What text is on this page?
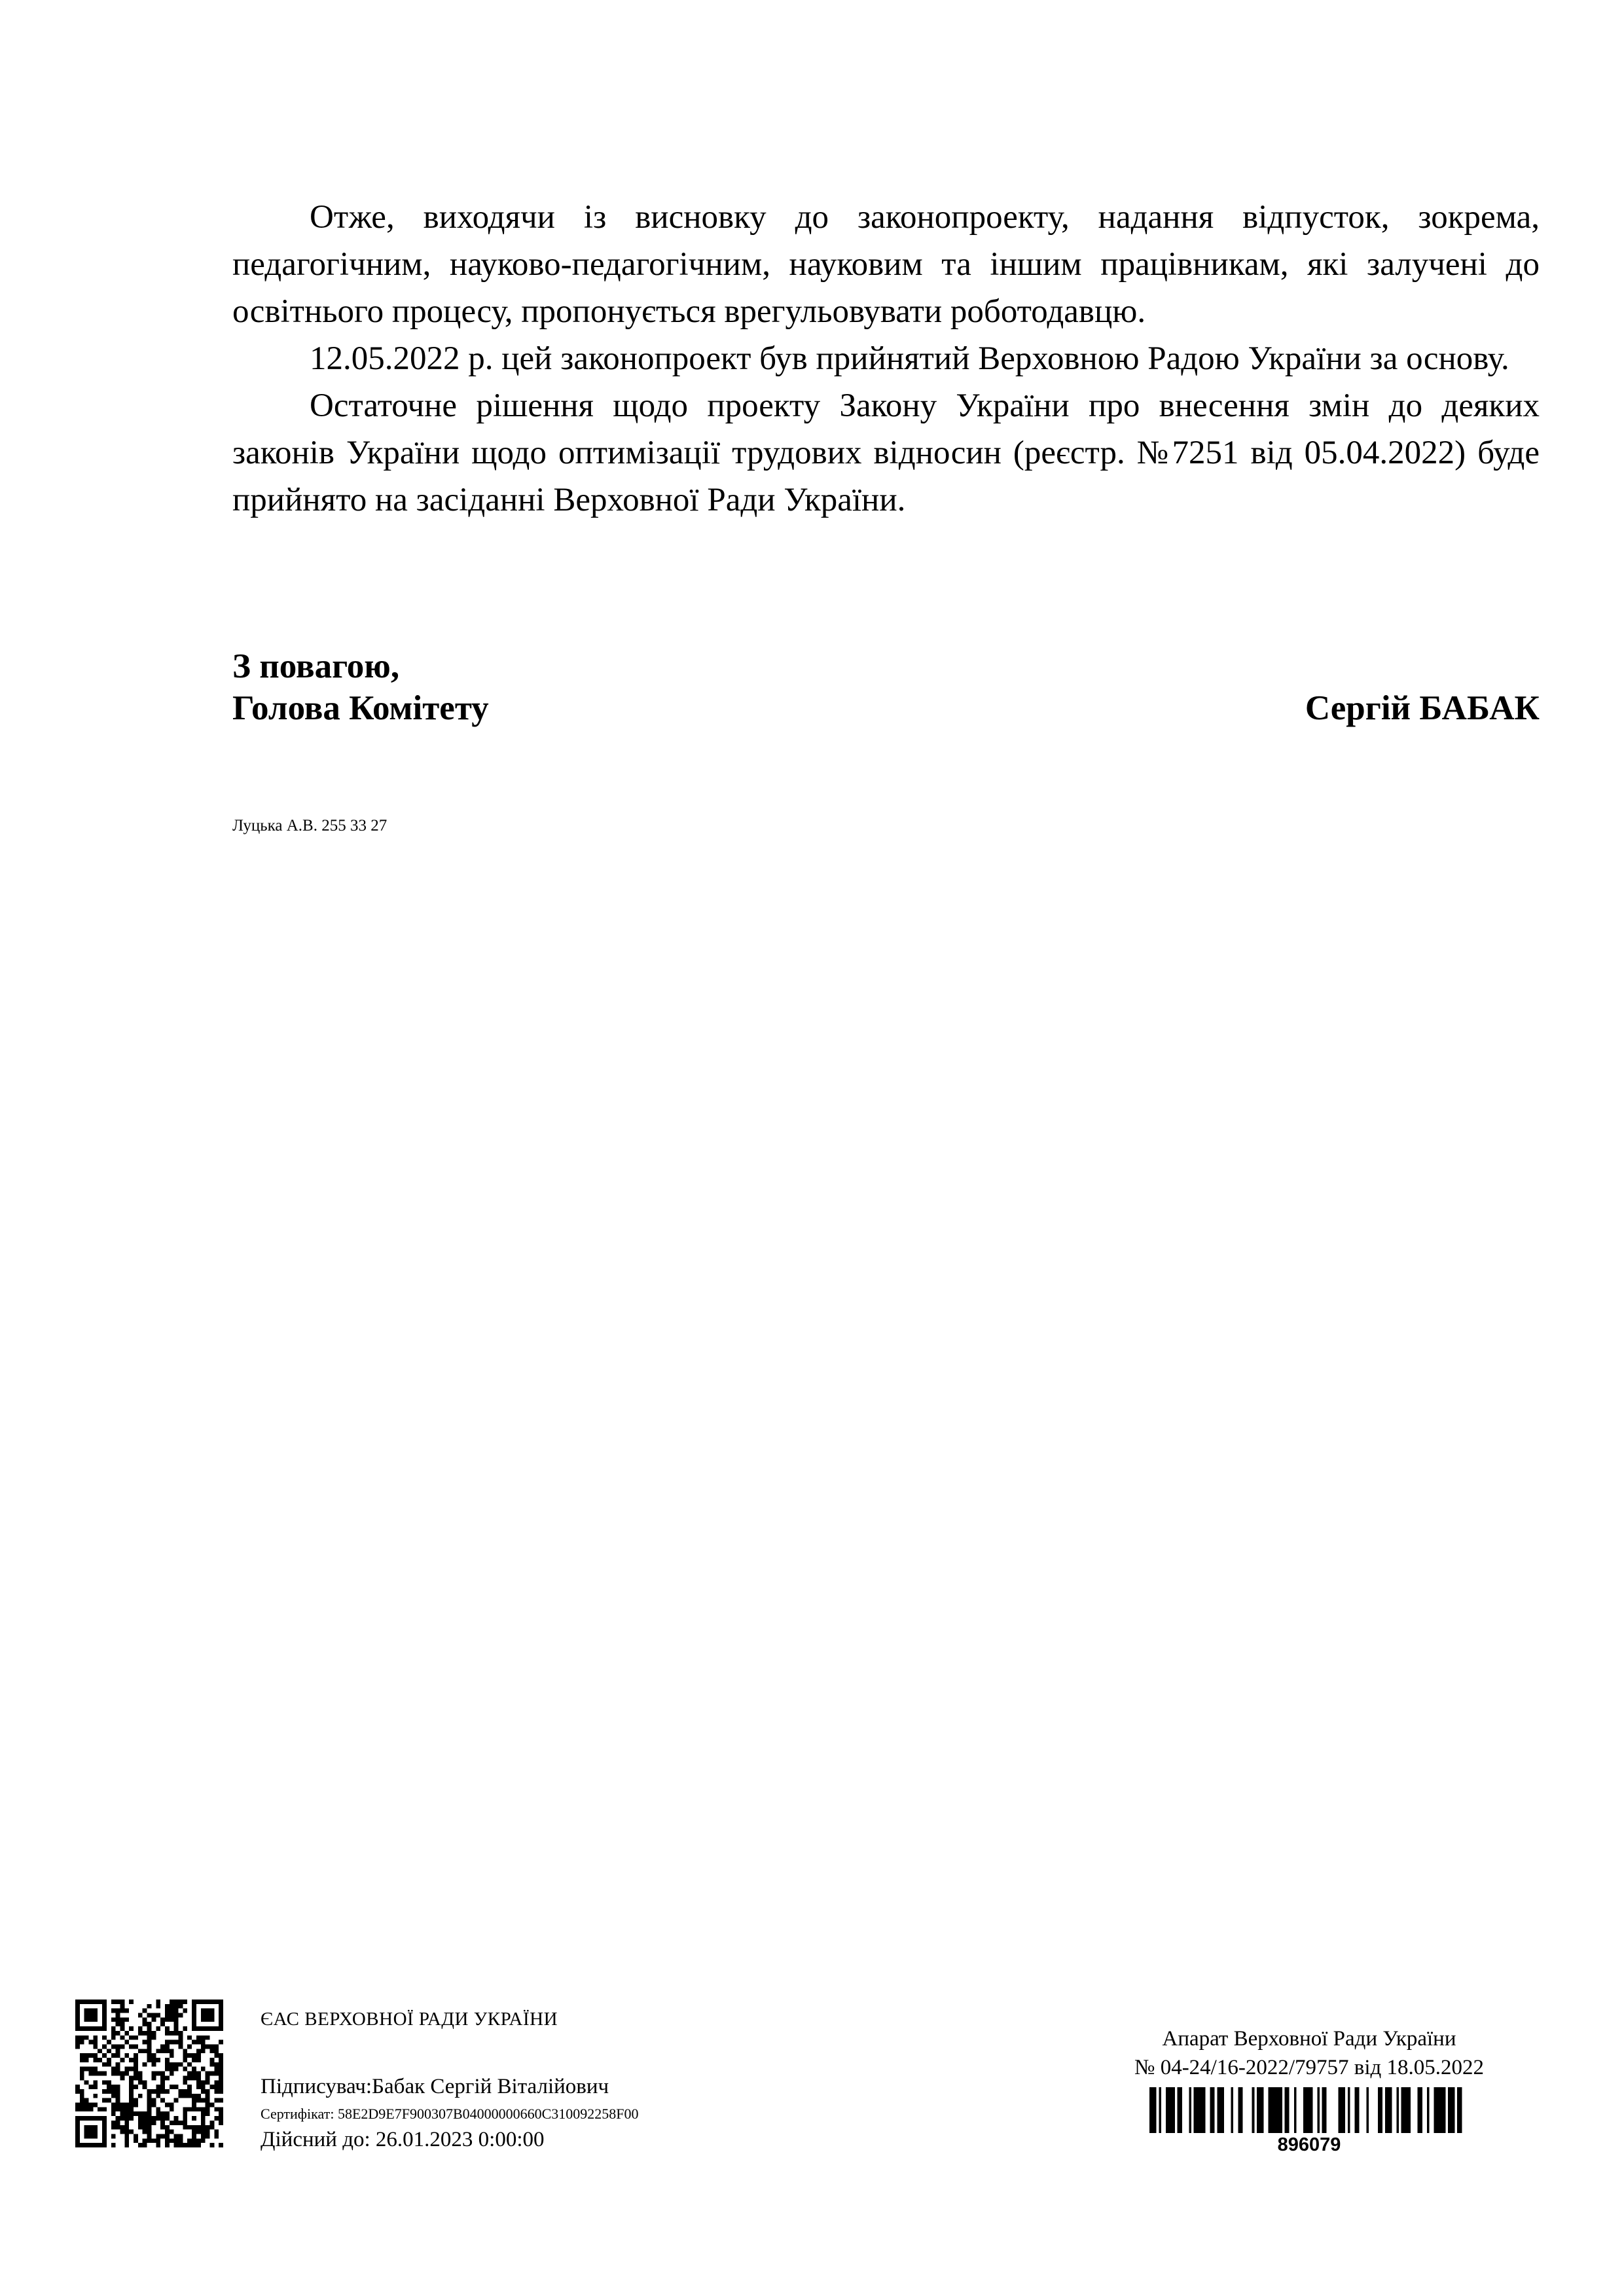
Отже, виходячи із висновку до законопроекту, надання відпусток, зокрема, педагогічним, науково-педагогічним, науковим та іншим працівникам, які залучені до освітнього процесу, пропонується врегульовувати роботодавцю.

12.05.2022 р. цей законопроект був прийнятий Верховною Радою України за основу.

Остаточне рішення щодо проекту Закону України про внесення змін до деяких законів України щодо оптимізації трудових відносин (реєстр. №7251 від 05.04.2022) буде прийнято на засіданні Верховної Ради України.

З повагою,
Голова Комітету	Сергій БАБАК
Луцька А.В. 255 33 27
ЄАС ВЕРХОВНОЇ РАДИ УКРАЇНИ
Підписувач:Бабак Сергій Віталійович
Сертифікат: 58E2D9E7F900307B04000000660C310092258F00
Дійсний до: 26.01.2023 0:00:00
Апарат Верховної Ради України
№ 04-24/16-2022/79757 від 18.05.2022
896079
